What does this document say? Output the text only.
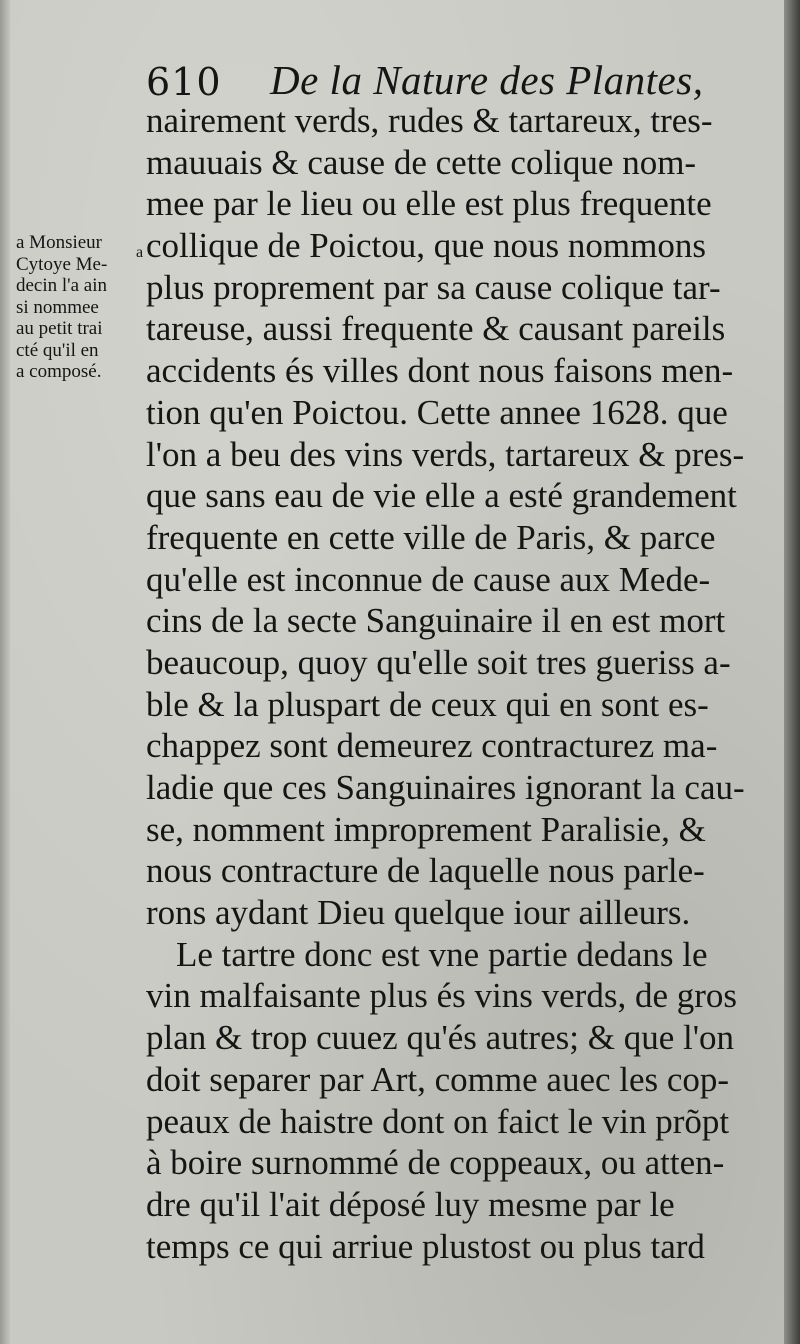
610 De la Nature des Plantes,
a Monsieur
Cytoye Me-
decin l'a ain
si nommee
au petit trai
cté qu'il en
a composé.
a
nairement verds, rudes & tartareux, tres-
mauuais & cause de cette colique nom-
mee par le lieu ou elle est plus frequente
collique de Poictou, que nous nommons
plus proprement par sa cause colique tar-
tareuse, aussi frequente & causant pareils
accidents és villes dont nous faisons men-
tion qu'en Poictou. Cette annee 1628. que
l'on a beu des vins verds, tartareux & pres-
que sans eau de vie elle a esté grandement
frequente en cette ville de Paris, & parce
qu'elle est inconnue de cause aux Mede-
cins de la secte Sanguinaire il en est mort
beaucoup, quoy qu'elle soit tres gueriss a-
ble & la pluspart de ceux qui en sont es-
chappez sont demeurez contracturez ma-
ladie que ces Sanguinaires ignorant la cau-
se, nomment improprement Paralisie, &
nous contracture de laquelle nous parle-
rons aydant Dieu quelque iour ailleurs.
Le tartre donc est vne partie dedans le
vin malfaisante plus és vins verds, de gros
plan & trop cuuez qu'és autres; & que l'on
doit separer par Art, comme auec les cop-
peaux de haistre dont on faict le vin prõpt
à boire surnommé de coppeaux, ou atten-
dre qu'il l'ait déposé luy mesme par le
temps ce qui arriue plustost ou plus tard
